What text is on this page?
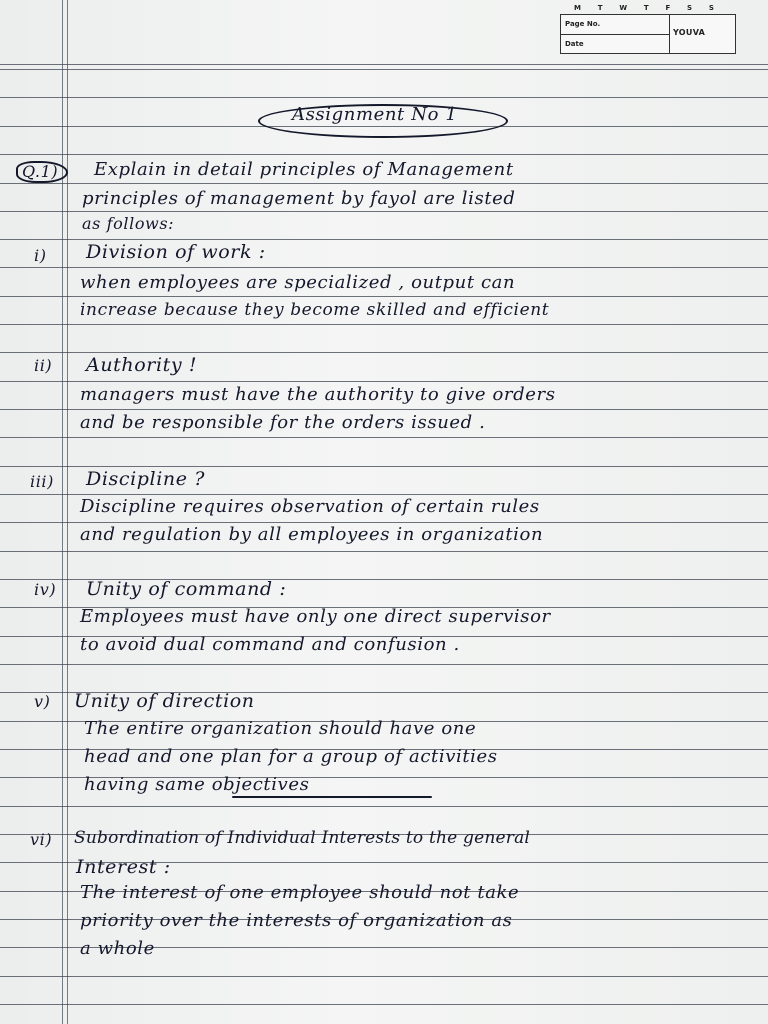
M T W T F S S
Page No.
Date
YOUVA
Assignment No 1
Q.1) Explain in detail principles of Management
principles of management by fayol are listed
as follows:
i) Division of work :
when employees are specialized , output can
increase because they become skilled and efficient
ii) Authority !
managers must have the authority to give orders
and be responsible for the orders issued .
iii) Discipline ?
Discipline requires observation of certain rules
and regulation by all employees in organization
iv) Unity of command :
Employees must have only one direct supervisor
to avoid dual command and confusion .
v) Unity of direction
The entire organization should have one
head and one plan for a group of activities
having same objectives
vi) Subordination of Individual Interests to the general
Interest :
The interest of one employee should not take
priority over the interests of organization as
a whole
